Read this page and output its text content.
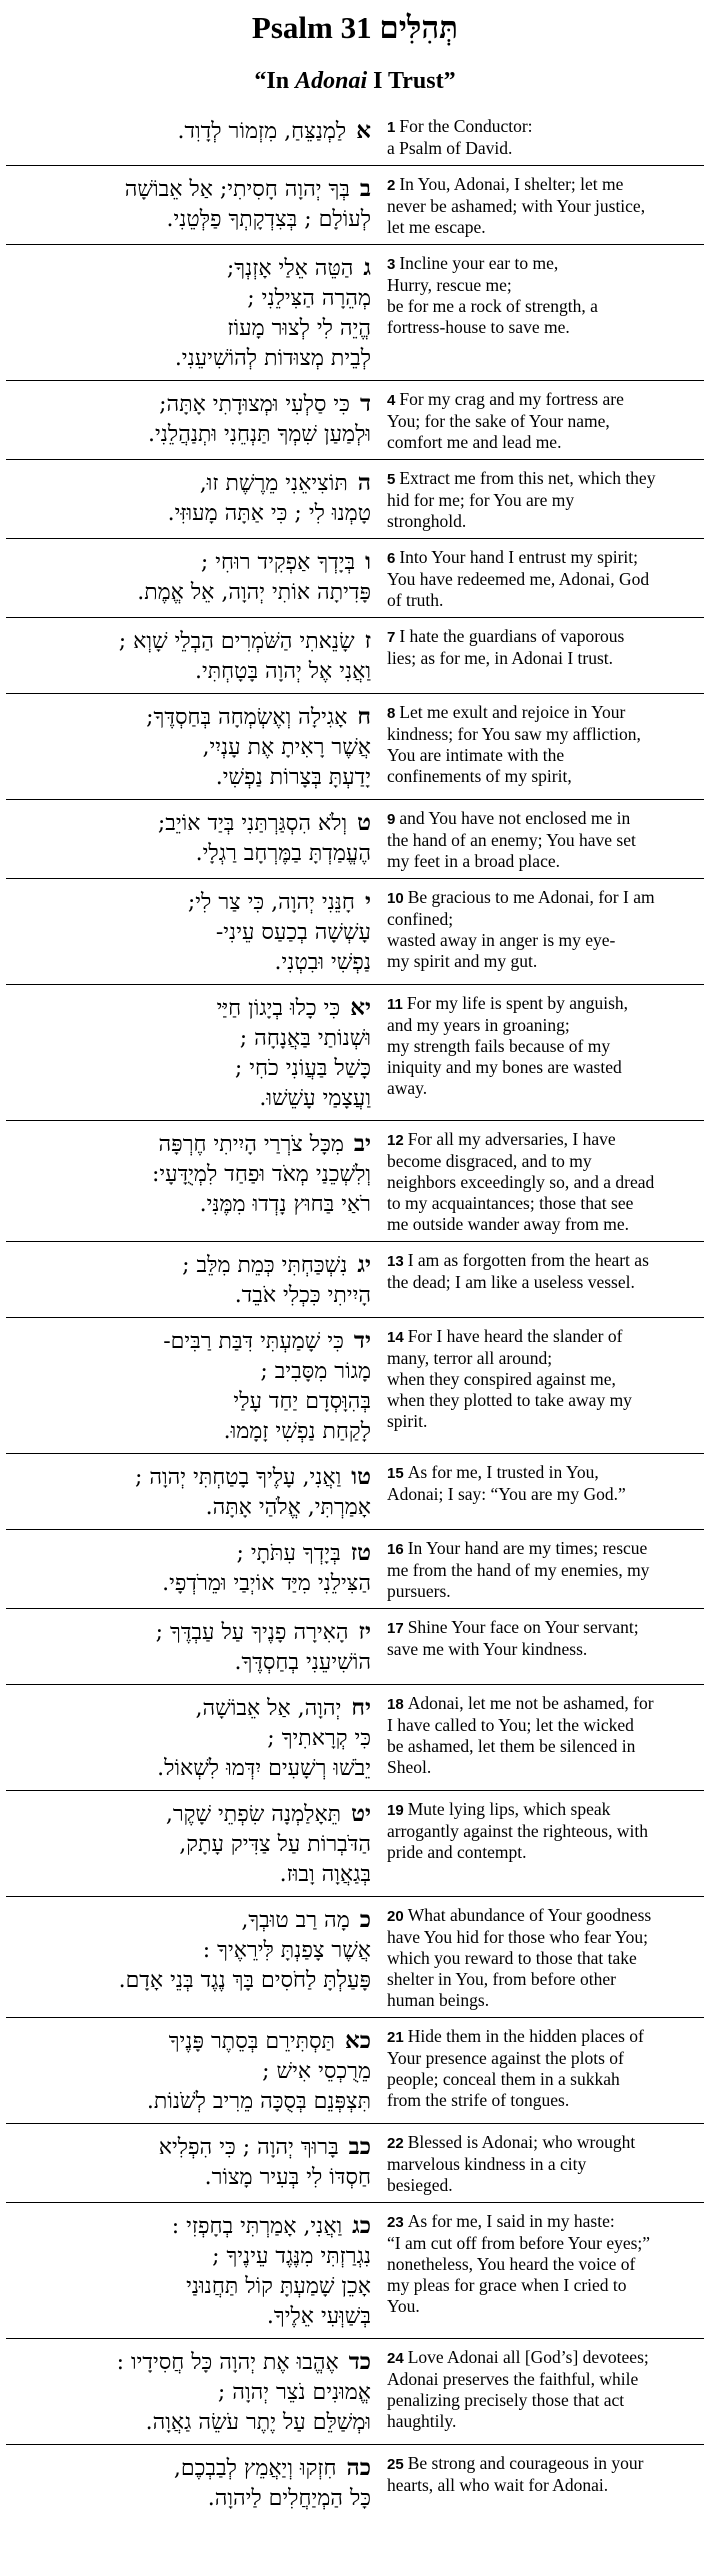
Psalm 31 תְּהִלִּים
“In Adonai I Trust”
אלַמְנַצֵּחַ, מִזְמוֹר לְדָוִד.	1 For the Conductor:
a Psalm of David.
בבְּךָ יְהוָה חָסִיתִי; אַל אֵבוֹשָׁה
לְעוֹלָם ; בְּצִדְקָתְךָ פַלְּטֵנִי.
2 In You, Adonai, I shelter; let me
never be ashamed; with Your justice,
let me escape.
גהַטֵּה אֵלַי אָזְנְךָ;
מְהֵרָה הַצִּילֵנִי ;
הֱיֵה לִי לְצוּר מָעוֹז
לְבֵית מְצוּדוֹת לְהוֹשִׁיעֵנִי.
3 Incline your ear to me,
Hurry, rescue me;
be for me a rock of strength, a
fortress-house to save me.
דכִּי סַלְעִי וּמְצוּדָתִי אָתָּה;
וּלְמַעַן שִׁמְךָ תַּנְחֵנִי וּתְנַהֲלֵנִי.
4 For my crag and my fortress are
You; for the sake of Your name,
comfort me and lead me.
התּוֹצִיאֵנִי מֵרֶשֶׁת זוּ,
טָמְנוּ לִי ; כִּי אַתָּה מָעוּזִּי.
5 Extract me from this net, which they
hid for me; for You are my
stronghold.
ובְּיָדְךָ אַפְקִיד רוּחִי ;
פָּדִיתָה אוֹתִי יְהוָה, אֵל אֱמֶת.
6 Into Your hand I entrust my spirit;
You have redeemed me, Adonai, God
of truth.
זשָׂנֵאתִי הַשֹּׁמְרִים הַבְלֵי שָׁוְא ;
וַאֲנִי אֶל יְהוָה בָּטָחְתִּי.
7 I hate the guardians of vaporous
lies; as for me, in Adonai I trust.
חאָגִילָה וְאֶשְׂמְחָה בְּחַסְדֶּךָ;
אֲשֶׁר רָאִיתָ אֶת עָנְיִי,
יָדַעְתָּ בְּצָרוֹת נַפְשִׁי.
8 Let me exult and rejoice in Your
kindness; for You saw my affliction,
You are intimate with the
confinements of my spirit,
טוְלֹא הִסְגַּרְתַּנִי בְּיַד אוֹיֵב;
הֶעֱמַדְתָּ בַמֶּרְחָב רַגְלָי.
9 and You have not enclosed me in
the hand of an enemy; You have set
my feet in a broad place.
יחָנֵּנִי יְהוָה, כִּי צַר לִי;
עָשְׁשָׁה בְכַעַס עֵינִי-
נַפְשִׁי וּבִטְנִי.
10 Be gracious to me Adonai, for I am
confined;
wasted away in anger is my eye-
my spirit and my gut.
יאכִּי כָלוּ בְיָגוֹן חַיַּי
וּשְׁנוֹתַי בַּאֲנָחָה ;
כָּשַׁל בַּעֲוֹנִי כֹחִי ;
וַעֲצָמַי עָשֵׁשׁוּ.
11 For my life is spent by anguish,
and my years in groaning;
my strength fails because of my
iniquity and my bones are wasted
away.
יבמִכָּל צֹרְרַי הָיִיתִי חֶרְפָּה
וְלִשְׁכֵנַי מְאֹד וּפַחַד לִמְיֻדָּעָי:
רֹאַי בַּחוּץ נָדְדוּ מִמֶּנִּי.
12 For all my adversaries, I have
become disgraced, and to my
neighbors exceedingly so, and a dread
to my acquaintances; those that see
me outside wander away from me.
יגנִשְׁכַּחְתִּי כְּמֵת מִלֵּב ;
הָיִיתִי כִּכְלִי אֹבֵד.
13 I am as forgotten from the heart as
the dead; I am like a useless vessel.
ידכִּי שָׁמַעְתִּי דִּבַּת רַבִּים-
מָגוֹר מִסָּבִיב ;
בְּהִוָּסְדָם יַחַד עָלַי
לָקַחַת נַפְשִׁי זָמָמוּ.
14 For I have heard the slander of
many, terror all around;
when they conspired against me,
when they plotted to take away my
spirit.
טווַאֲנִי, עָלֶיךָ בָטַחְתִּי יְהוָה ;
אָמַרְתִּי, אֱלֹהַי אָתָּה.
15 As for me, I trusted in You,
Adonai; I say: “You are my God.”
טזבְּיָדְךָ עִתֹּתָי ;
הַצִּילֵנִי מִיַּד אוֹיְבַי וּמֵרֹדְפָי.
16 In Your hand are my times; rescue
me from the hand of my enemies, my
pursuers.
יזהָאִירָה פָנֶיךָ עַל עַבְדֶּךָ ;
הוֹשִׁיעֵנִי בְחַסְדֶּךָ.
17 Shine Your face on Your servant;
save me with Your kindness.
יחיְהוָה, אַל אֵבוֹשָׁה,
כִּי קְרָאתִיךָ ;
יֵבֹשׁוּ רְשָׁעִים יִדְּמוּ לִשְׁאוֹל.
18 Adonai, let me not be ashamed, for
I have called to You; let the wicked
be ashamed, let them be silenced in
Sheol.
יטתֵּאָלַמְנָה שִׂפְתֵי שָׁקֶר,
הַדֹּבְרוֹת עַל צַדִּיק עָתָק,
בְּגַאֲוָה וָבוּז.
19 Mute lying lips, which speak
arrogantly against the righteous, with
pride and contempt.
כמָה רַב טוּבְךָ,
אֲשֶׁר צָפַנְתָּ לִּירֵאֶיךָ :
פָּעַלְתָּ לַחֹסִים בָּךְ נֶגֶד בְּנֵי אָדָם.
20 What abundance of Your goodness
have You hid for those who fear You;
which you reward to those that take
shelter in You, from before other
human beings.
כאתַּסְתִּירֵם בְּסֵתֶר פָּנֶיךָ
מֵרֻכְסֵי אִישׁ ;
תִּצְפְּנֵם בְּסֻכָּה מֵרִיב לְשֹׁנוֹת.
21 Hide them in the hidden places of
Your presence against the plots of
people; conceal them in a sukkah
from the strife of tongues.
כבבָּרוּךְ יְהוָה ; כִּי הִפְלִיא
חַסְדּוֹ לִי בְּעִיר מָצוֹר.
22 Blessed is Adonai; who wrought
marvelous kindness in a city
besieged.
כגוַאֲנִי, אָמַרְתִּי בְחָפְזִי :
נִגְרַזְתִּי מִנֶּגֶד עֵינֶיךָ ;
אָכֵן שָׁמַעְתָּ קוֹל תַּחֲנוּנַי
בְּשַׁוְּעִי אֵלֶיךָ.
23 As for me, I said in my haste:
“I am cut off from before Your eyes;”
nonetheless, You heard the voice of
my pleas for grace when I cried to
You.
כדאֶהֱבוּ אֶת יְהוָה כָּל חֲסִידָיו :
אֱמוּנִים נֹצֵר יְהוָה ;
וּמְשַׁלֵּם עַל יֶתֶר עֹשֵׂה גַאֲוָה.
24 Love Adonai all [God’s] devotees;
Adonai preserves the faithful, while
penalizing precisely those that act
haughtily.
כהחִזְקוּ וְיַאֲמֵץ לְבַבְכֶם,
כָּל הַמְיַחֲלִים לַיהוָה.
25 Be strong and courageous in your
hearts, all who wait for Adonai.
